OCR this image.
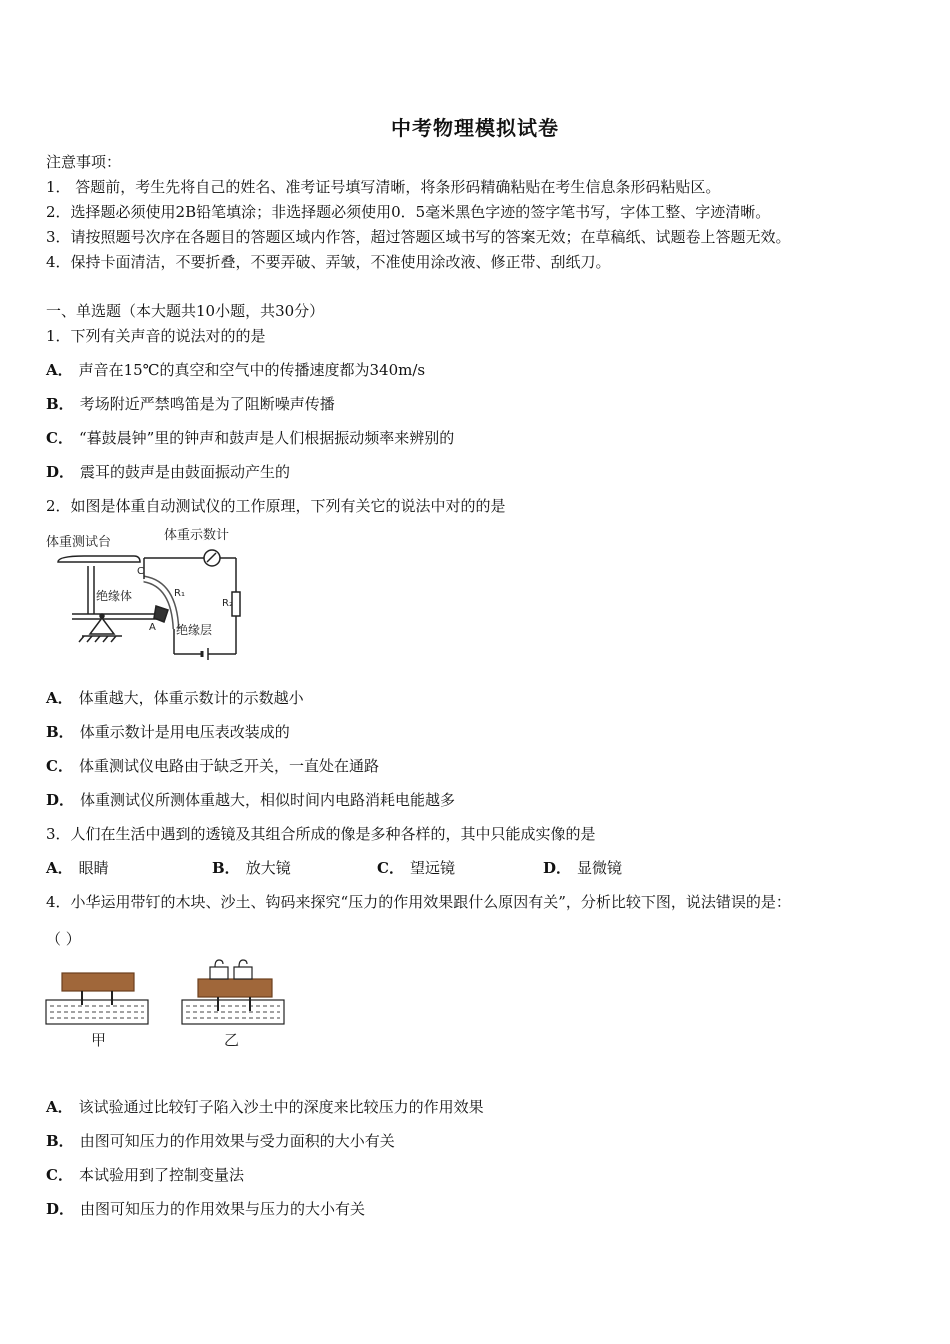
中考物理模拟试卷
注意事项：
1． 答题前，考生先将自己的姓名、准考证号填写清晰，将条形码精确粘贴在考生信息条形码粘贴区。
2．选择题必须使用2B铅笔填涂；非选择题必须使用0．5毫米黑色字迹的签字笔书写，字体工整、字迹清晰。
3．请按照题号次序在各题目的答题区域内作答，超过答题区域书写的答案无效；在草稿纸、试题卷上答题无效。
4．保持卡面清洁，不要折叠，不要弄破、弄皱，不准使用涂改液、修正带、刮纸刀。
一、单选题（本大题共10小题，共30分）
1．下列有关声音的说法对的的是
A． 声音在15℃的真空和空气中的传播速度都为340m/s
B． 考场附近严禁鸣笛是为了阻断噪声传播
C． “暮鼓晨钟”里的钟声和鼓声是人们根据振动频率来辨别的
D． 震耳的鼓声是由鼓面振动产生的
2．如图是体重自动测试仪的工作原理，下列有关它的说法中对的的是
体重测试台	体重示数计
绝缘体
C
A
R₁
绝缘层
R₂
A． 体重越大，体重示数计的示数越小
B． 体重示数计是用电压表改装成的
C． 体重测试仪电路由于缺乏开关，一直处在通路
D． 体重测试仪所测体重越大，相似时间内电路消耗电能越多
3．人们在生活中遇到的透镜及其组合所成的像是多种各样的，其中只能成实像的是
A． 眼睛	B． 放大镜	C． 望远镜	D． 显微镜
4．小华运用带钉的木块、沙土、钩码来探究“压力的作用效果跟什么原因有关”，分析比较下图，说法错误的是：
（ ）
甲	乙
A． 该试验通过比较钉子陷入沙土中的深度来比较压力的作用效果
B． 由图可知压力的作用效果与受力面积的大小有关
C． 本试验用到了控制变量法
D． 由图可知压力的作用效果与压力的大小有关
